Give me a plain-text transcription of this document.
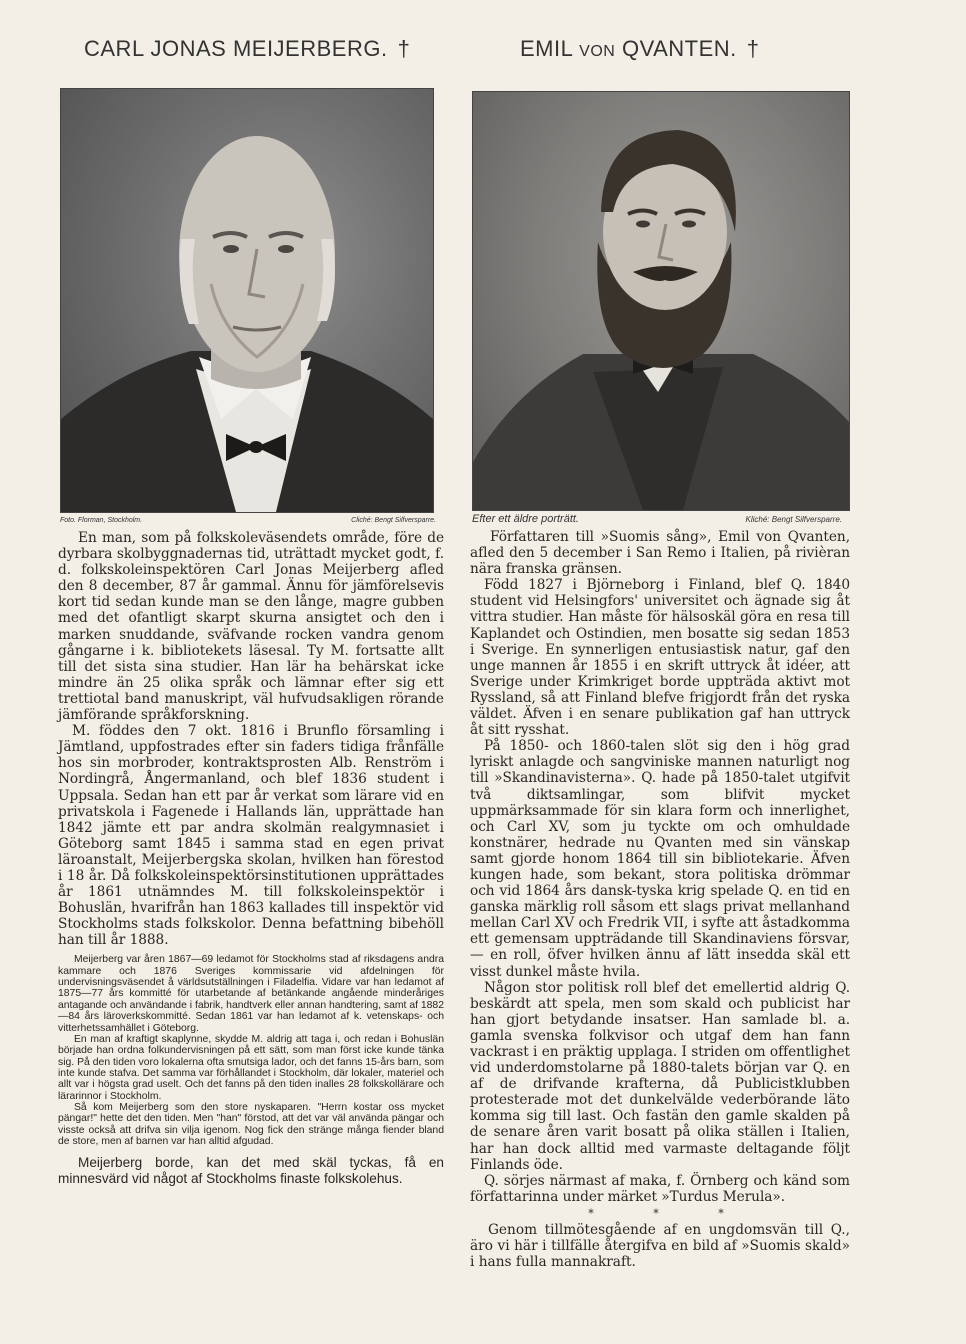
CARL JONAS MEIJERBERG. †
Foto. Florman, Stockholm.	Cliché: Bengt Silfversparre.

En man, som på folkskoleväsendets område, före de dyrbara skolbyggnadernas tid, uträttadt mycket godt, f. d. folkskoleinspektören Carl Jonas Meijerberg afled den 8 december, 87 år gammal. Ännu för jämförelsevis kort tid sedan kunde man se den långe, magre gubben med det ofantligt skarpt skurna ansigtet och den i marken snuddande, sväfvande rocken vandra genom gångarne i k. bibliotekets läsesal. Ty M. fortsatte allt till det sista sina studier. Han lär ha behärskat icke mindre än 25 olika språk och lämnar efter sig ett trettiotal band manuskript, väl hufvudsakligen rörande jämförande språkforskning.

M. föddes den 7 okt. 1816 i Brunflo församling i Jämtland, uppfostrades efter sin faders tidiga frånfälle hos sin morbroder, kontraktsprosten Alb. Renström i Nordingrå, Ångermanland, och blef 1836 student i Uppsala. Sedan han ett par år verkat som lärare vid en privatskola i Fagenede i Hallands län, upprättade han 1842 jämte ett par andra skolmän realgymnasiet i Göteborg samt 1845 i samma stad en egen privat läroanstalt, Meijerbergska skolan, hvilken han förestod i 18 år. Då folkskoleinspektörsinstitutionen upprättades år 1861 utnämndes M. till folkskoleinspektör i Bohuslän, hvarifrån han 1863 kallades till inspektör vid Stockholms stads folkskolor. Denna befattning bibehöll han till år 1888.

Meijerberg var åren 1867—69 ledamot för Stockholms stad af riksdagens andra kammare och 1876 Sveriges kommissarie vid afdelningen för undervisningsväsendet å världsutställningen i Filadelfia. Vidare var han ledamot af 1875—77 års kommitté för utarbetande af betänkande angående minderåriges antagande och användande i fabrik, handtverk eller annan handtering, samt af 1882—84 års läroverkskommitté. Sedan 1861 var han ledamot af k. vetenskaps- och vitterhetssamhället i Göteborg.

En man af kraftigt skaplynne, skydde M. aldrig att taga i, och redan i Bohuslän började han ordna folkundervisningen på ett sätt, som man först icke kunde tänka sig. På den tiden voro lokalerna ofta smutsiga lador, och det fanns 15-års barn, som inte kunde stafva. Det samma var förhållandet i Stockholm, där lokaler, materiel och allt var i högsta grad uselt. Och det fanns på den tiden inalles 28 folkskollärare och lärarinnor i Stockholm.

Så kom Meijerberg som den store nyskaparen. "Herrn kostar oss mycket pängar!" hette det den tiden. Men "han" förstod, att det var väl använda pängar och visste också att drifva sin vilja igenom. Nog fick den stränge många fiender bland de store, men af barnen var han alltid afgudad.

Meijerberg borde, kan det med skäl tyckas, få en minnesvärd vid något af Stockholms finaste folkskolehus.

EMIL VON QVANTEN. †
Efter ett äldre porträtt.	Kliché: Bengt Silfversparre.

Författaren till »Suomis sång», Emil von Qvanten, afled den 5 december i San Remo i Italien, på rivièran nära franska gränsen.

Född 1827 i Björneborg i Finland, blef Q. 1840 student vid Helsingfors' universitet och ägnade sig åt vittra studier. Han måste för hälsoskäl göra en resa till Kaplandet och Ostindien, men bosatte sig sedan 1853 i Sverige. En synnerligen entusiastisk natur, gaf den unge mannen år 1855 i en skrift uttryck åt idéer, att Sverige under Krimkriget borde uppträda aktivt mot Ryssland, så att Finland blefve frigjordt från det ryska väldet. Äfven i en senare publikation gaf han uttryck åt sitt rysshat.

På 1850- och 1860-talen slöt sig den i hög grad lyriskt anlagde och sangviniske mannen naturligt nog till »Skandinavisterna». Q. hade på 1850-talet utgifvit två diktsamlingar, som blifvit mycket uppmärksammade för sin klara form och innerlighet, och Carl XV, som ju tyckte om och omhuldade konstnärer, hedrade nu Qvanten med sin vänskap samt gjorde honom 1864 till sin bibliotekarie. Äfven kungen hade, som bekant, stora politiska drömmar och vid 1864 års dansk-tyska krig spelade Q. en tid en ganska märklig roll såsom ett slags privat mellanhand mellan Carl XV och Fredrik VII, i syfte att åstadkomma ett gemensam uppträdande till Skandinaviens försvar, — en roll, öfver hvilken ännu af lätt insedda skäl ett visst dunkel måste hvila.

Någon stor politisk roll blef det emellertid aldrig Q. beskärdt att spela, men som skald och publicist har han gjort betydande insatser. Han samlade bl. a. gamla svenska folkvisor och utgaf dem han fann vackrast i en präktig upplaga. I striden om offentlighet vid underdomstolarne på 1880-talets början var Q. en af de drifvande krafterna, då Publicistklubben protesterade mot det dunkelvälde vederbörande läto komma sig till last. Och fastän den gamle skalden på de senare åren varit bosatt på olika ställen i Italien, har han dock alltid med varmaste deltagande följt Finlands öde.

Q. sörjes närmast af maka, f. Örnberg och känd som författarinna under märket »Turdus Merula».

* * *

Genom tillmötesgående af en ungdomsvän till Q., äro vi här i tillfälle återgifva en bild af »Suomis skald» i hans fulla mannakraft.
